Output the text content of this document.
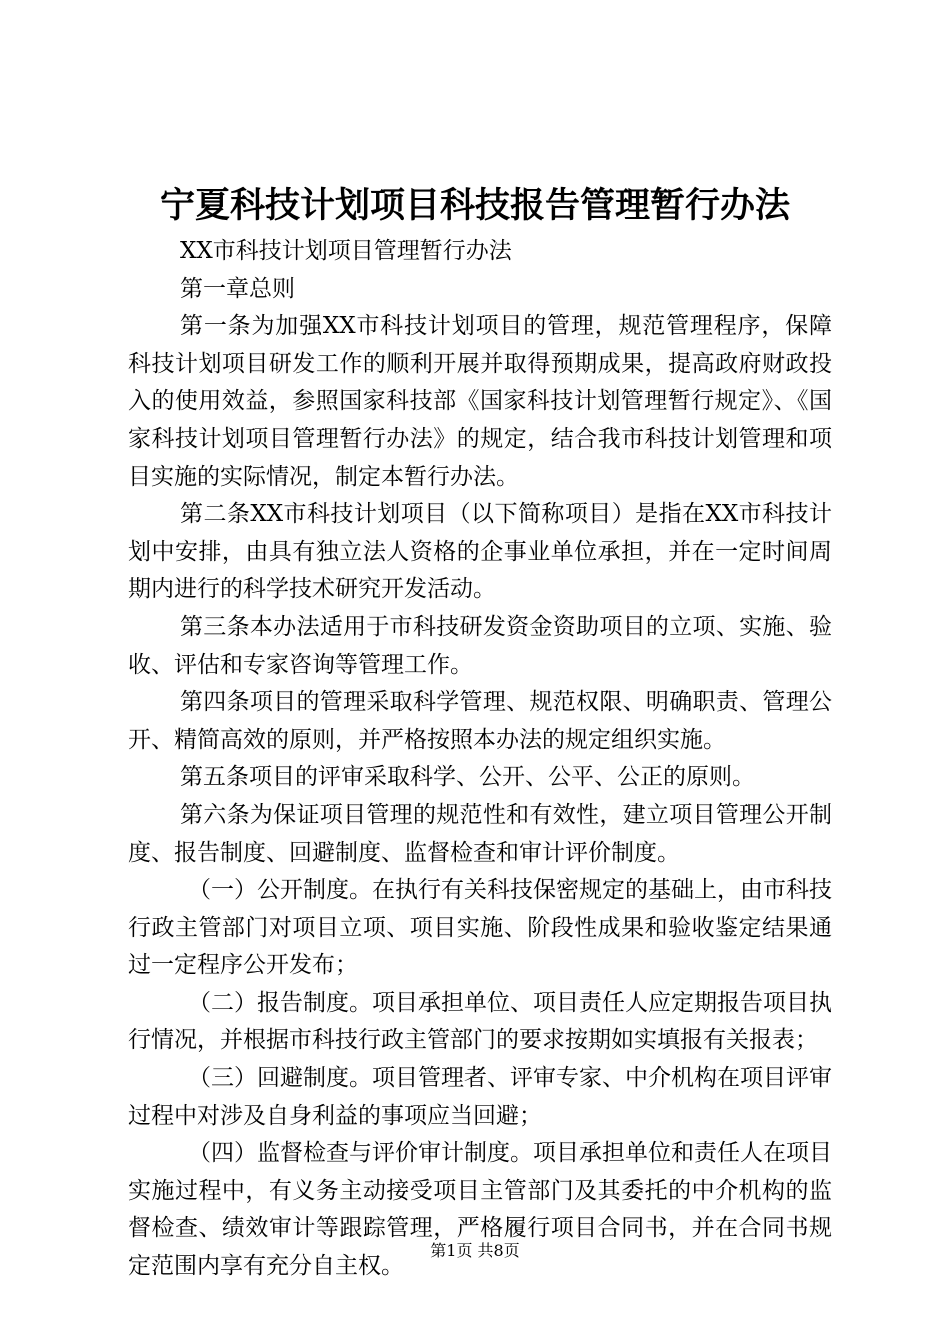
宁夏科技计划项目科技报告管理暂行办法

XX市科技计划项目管理暂行办法

第一章总则

第一条为加强XX市科技计划项目的管理，规范管理程序，保障科技计划项目研发工作的顺利开展并取得预期成果，提高政府财政投入的使用效益，参照国家科技部《国家科技计划管理暂行规定》、《国家科技计划项目管理暂行办法》的规定，结合我市科技计划管理和项目实施的实际情况，制定本暂行办法。

第二条XX市科技计划项目（以下简称项目）是指在XX市科技计划中安排，由具有独立法人资格的企事业单位承担，并在一定时间周期内进行的科学技术研究开发活动。

第三条本办法适用于市科技研发资金资助项目的立项、实施、验收、评估和专家咨询等管理工作。

第四条项目的管理采取科学管理、规范权限、明确职责、管理公开、精简高效的原则，并严格按照本办法的规定组织实施。

第五条项目的评审采取科学、公开、公平、公正的原则。

第六条为保证项目管理的规范性和有效性，建立项目管理公开制度、报告制度、回避制度、监督检查和审计评价制度。

（一）公开制度。在执行有关科技保密规定的基础上，由市科技行政主管部门对项目立项、项目实施、阶段性成果和验收鉴定结果通过一定程序公开发布；

（二）报告制度。项目承担单位、项目责任人应定期报告项目执行情况，并根据市科技行政主管部门的要求按期如实填报有关报表；

（三）回避制度。项目管理者、评审专家、中介机构在项目评审过程中对涉及自身利益的事项应当回避；

（四）监督检查与评价审计制度。项目承担单位和责任人在项目实施过程中，有义务主动接受项目主管部门及其委托的中介机构的监督检查、绩效审计等跟踪管理，严格履行项目合同书，并在合同书规定范围内享有充分自主权。

第1页 共8页
